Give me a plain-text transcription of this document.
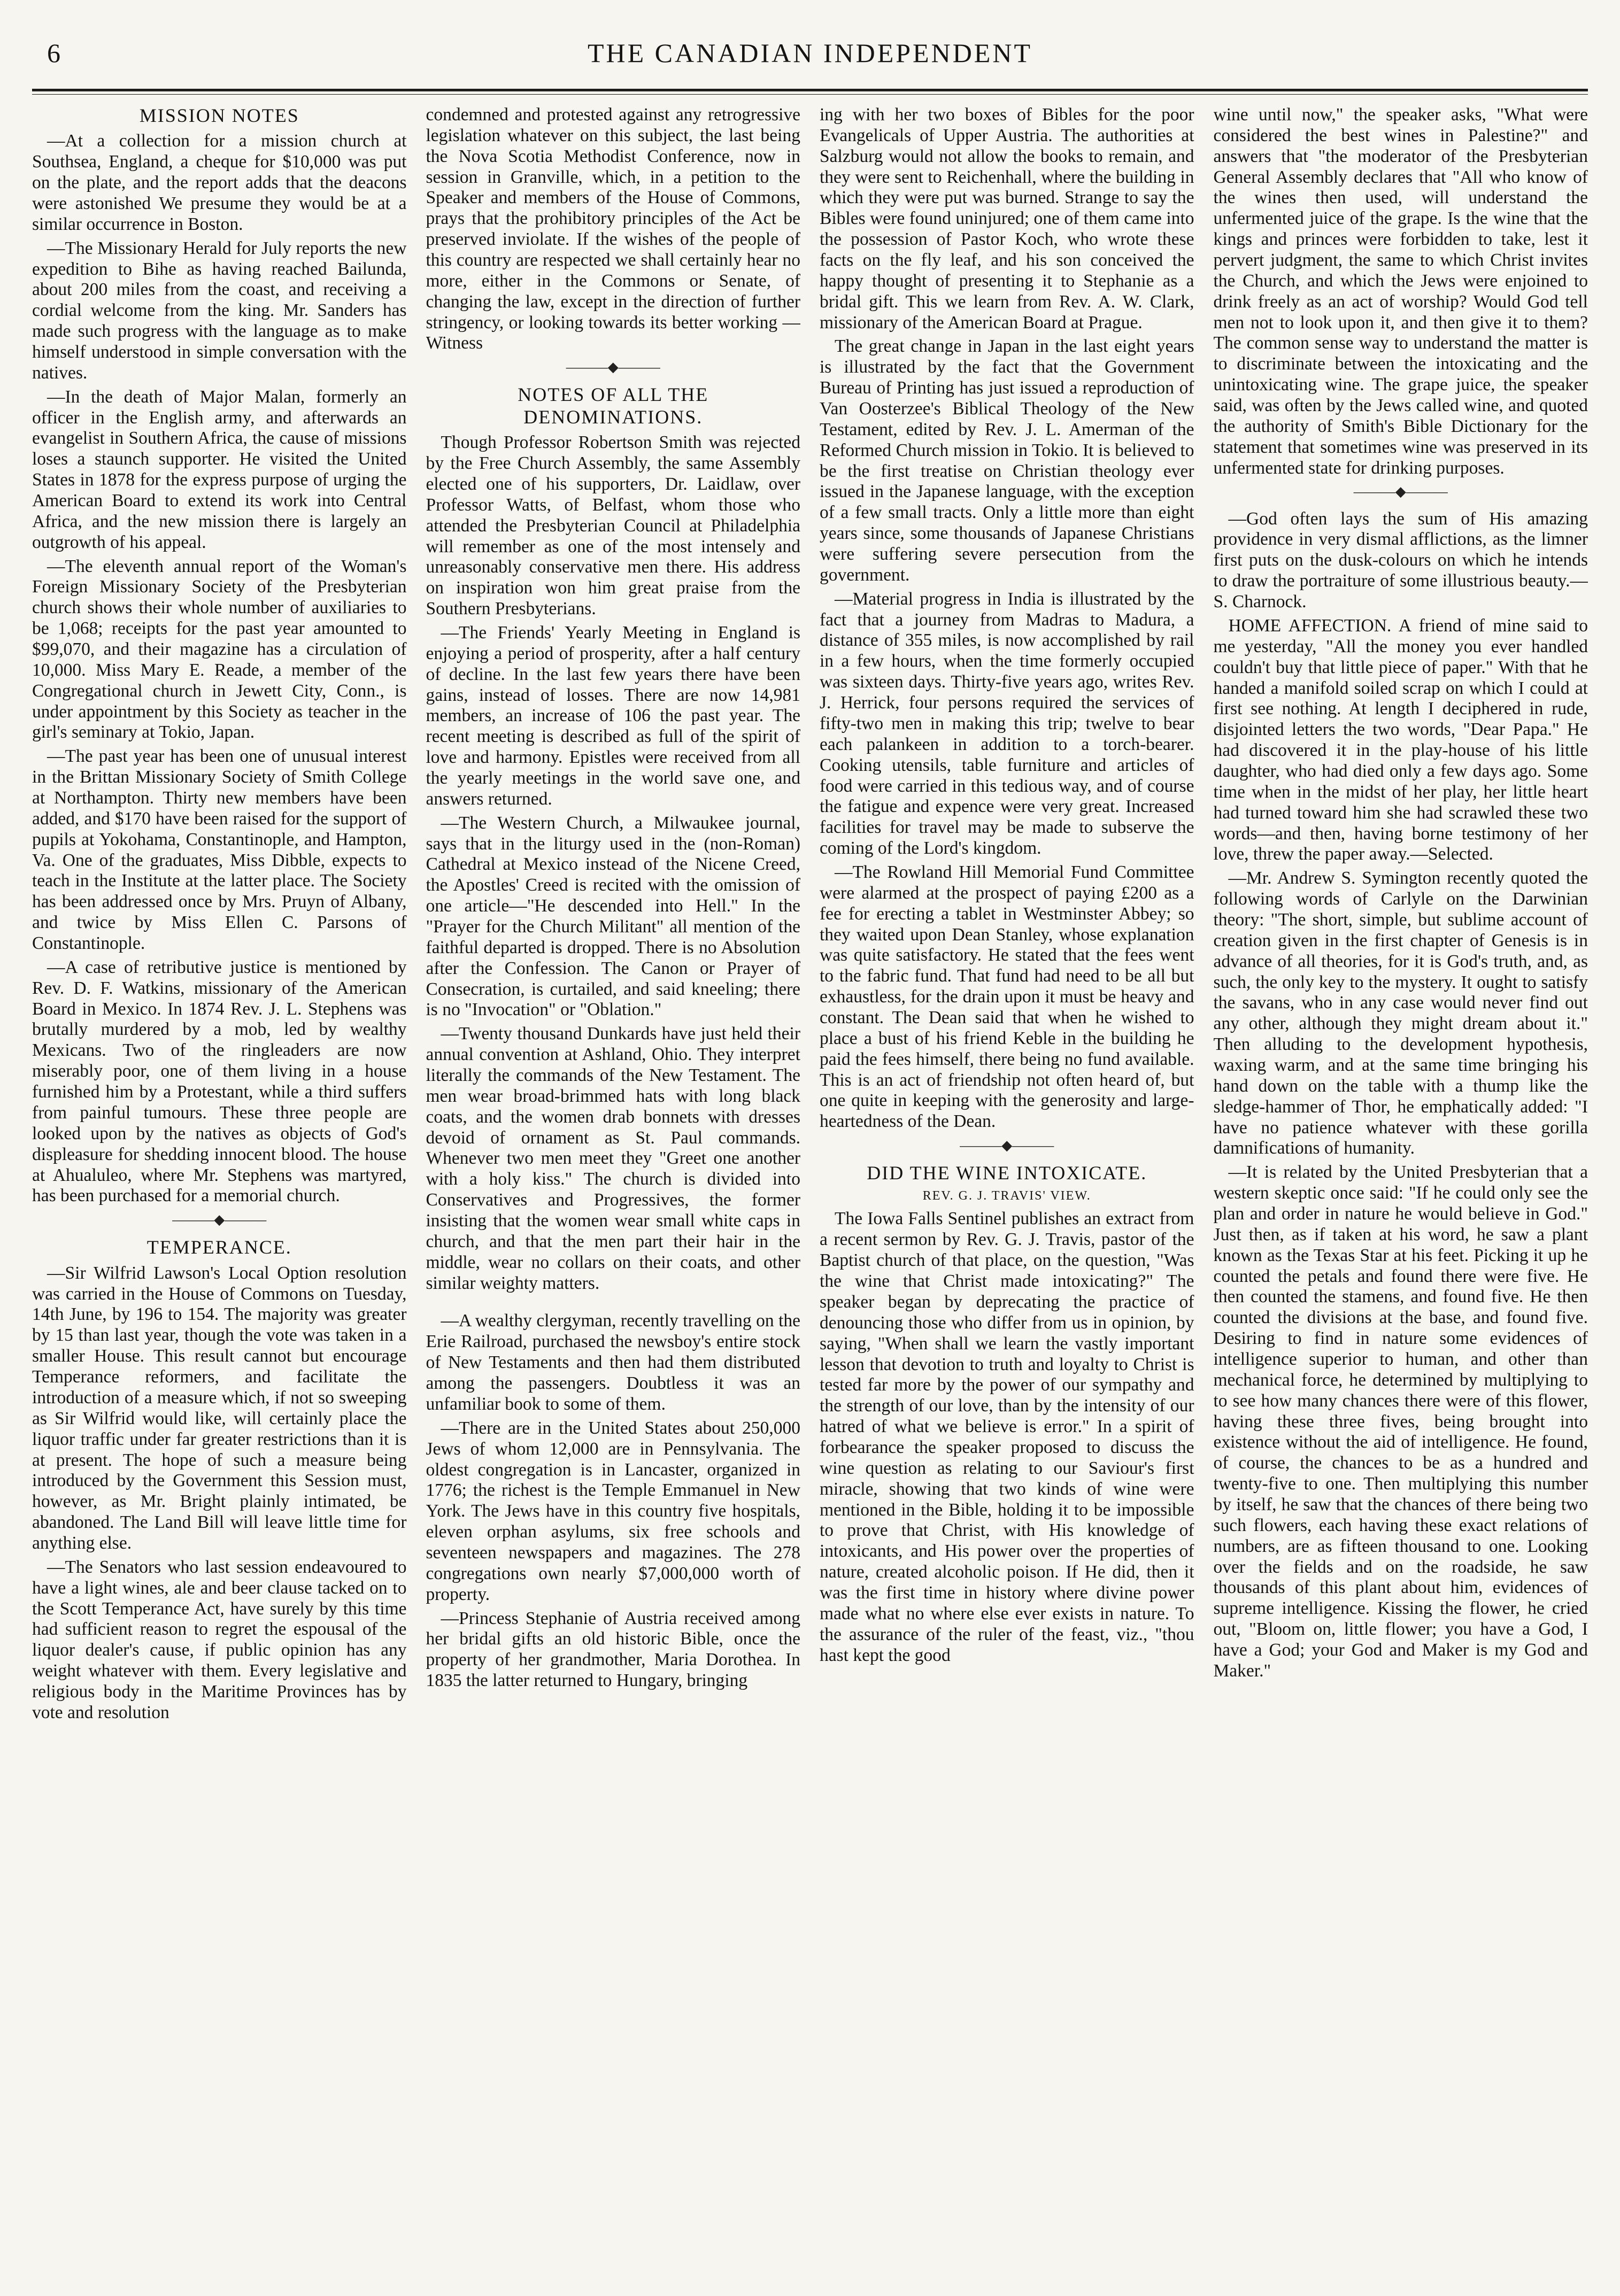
6	THE CANADIAN INDEPENDENT
MISSION NOTES

—At a collection for a mission church at Southsea, England, a cheque for $10,000 was put on the plate, and the report adds that the deacons were astonished We presume they would be at a similar occurrence in Boston.

—The Missionary Herald for July reports the new expedition to Bihe as having reached Bailunda, about 200 miles from the coast, and receiving a cordial welcome from the king. Mr. Sanders has made such progress with the language as to make himself understood in simple conversation with the natives.

—In the death of Major Malan, formerly an officer in the English army, and afterwards an evangelist in Southern Africa, the cause of missions loses a staunch supporter. He visited the United States in 1878 for the express purpose of urging the American Board to extend its work into Central Africa, and the new mission there is largely an outgrowth of his appeal.

—The eleventh annual report of the Woman's Foreign Missionary Society of the Presbyterian church shows their whole number of auxiliaries to be 1,068; receipts for the past year amounted to $99,070, and their magazine has a circulation of 10,000. Miss Mary E. Reade, a member of the Congregational church in Jewett City, Conn., is under appointment by this Society as teacher in the girl's seminary at Tokio, Japan.

—The past year has been one of unusual interest in the Brittan Missionary Society of Smith College at Northampton. Thirty new members have been added, and $170 have been raised for the support of pupils at Yokohama, Constantinople, and Hampton, Va. One of the graduates, Miss Dibble, expects to teach in the Institute at the latter place. The Society has been addressed once by Mrs. Pruyn of Albany, and twice by Miss Ellen C. Parsons of Constantinople.

—A case of retributive justice is mentioned by Rev. D. F. Watkins, missionary of the American Board in Mexico. In 1874 Rev. J. L. Stephens was brutally murdered by a mob, led by wealthy Mexicans. Two of the ringleaders are now miserably poor, one of them living in a house furnished him by a Protestant, while a third suffers from painful tumours. These three people are looked upon by the natives as objects of God's displeasure for shedding innocent blood. The house at Ahualuleo, where Mr. Stephens was martyred, has been purchased for a memorial church.

———◆———
TEMPERANCE.

—Sir Wilfrid Lawson's Local Option resolution was carried in the House of Commons on Tuesday, 14th June, by 196 to 154. The majority was greater by 15 than last year, though the vote was taken in a smaller House. This result cannot but encourage Temperance reformers, and facilitate the introduction of a measure which, if not so sweeping as Sir Wilfrid would like, will certainly place the liquor traffic under far greater restrictions than it is at present. The hope of such a measure being introduced by the Government this Session must, however, as Mr. Bright plainly intimated, be abandoned. The Land Bill will leave little time for anything else.

—The Senators who last session endeavoured to have a light wines, ale and beer clause tacked on to the Scott Temperance Act, have surely by this time had sufficient reason to regret the espousal of the liquor dealer's cause, if public opinion has any weight whatever with them. Every legislative and religious body in the Maritime Provinces has by vote and resolution

condemned and protested against any retrogressive legislation whatever on this subject, the last being the Nova Scotia Methodist Conference, now in session in Granville, which, in a petition to the Speaker and members of the House of Commons, prays that the prohibitory principles of the Act be preserved inviolate. If the wishes of the people of this country are respected we shall certainly hear no more, either in the Commons or Senate, of changing the law, except in the direction of further stringency, or looking towards its better working —Witness

———◆———
NOTES OF ALL THE DENOMINATIONS.

Though Professor Robertson Smith was rejected by the Free Church Assembly, the same Assembly elected one of his supporters, Dr. Laidlaw, over Professor Watts, of Belfast, whom those who attended the Presbyterian Council at Philadelphia will remember as one of the most intensely and unreasonably conservative men there. His address on inspiration won him great praise from the Southern Presbyterians.

—The Friends' Yearly Meeting in England is enjoying a period of prosperity, after a half century of decline. In the last few years there have been gains, instead of losses. There are now 14,981 members, an increase of 106 the past year. The recent meeting is described as full of the spirit of love and harmony. Epistles were received from all the yearly meetings in the world save one, and answers returned.

—The Western Church, a Milwaukee journal, says that in the liturgy used in the (non-Roman) Cathedral at Mexico instead of the Nicene Creed, the Apostles' Creed is recited with the omission of one article—"He descended into Hell." In the "Prayer for the Church Militant" all mention of the faithful departed is dropped. There is no Absolution after the Confession. The Canon or Prayer of Consecration, is curtailed, and said kneeling; there is no "Invocation" or "Oblation."

—Twenty thousand Dunkards have just held their annual convention at Ashland, Ohio. They interpret literally the commands of the New Testament. The men wear broad-brimmed hats with long black coats, and the women drab bonnets with dresses devoid of ornament as St. Paul commands. Whenever two men meet they "Greet one another with a holy kiss." The church is divided into Conservatives and Progressives, the former insisting that the women wear small white caps in church, and that the men part their hair in the middle, wear no collars on their coats, and other similar weighty matters.

—A wealthy clergyman, recently travelling on the Erie Railroad, purchased the newsboy's entire stock of New Testaments and then had them distributed among the passengers. Doubtless it was an unfamiliar book to some of them.

—There are in the United States about 250,000 Jews of whom 12,000 are in Pennsylvania. The oldest congregation is in Lancaster, organized in 1776; the richest is the Temple Emmanuel in New York. The Jews have in this country five hospitals, eleven orphan asylums, six free schools and seventeen newspapers and magazines. The 278 congregations own nearly $7,000,000 worth of property.

—Princess Stephanie of Austria received among her bridal gifts an old historic Bible, once the property of her grandmother, Maria Dorothea. In 1835 the latter returned to Hungary, bringing

ing with her two boxes of Bibles for the poor Evangelicals of Upper Austria. The authorities at Salzburg would not allow the books to remain, and they were sent to Reichenhall, where the building in which they were put was burned. Strange to say the Bibles were found uninjured; one of them came into the possession of Pastor Koch, who wrote these facts on the fly leaf, and his son conceived the happy thought of presenting it to Stephanie as a bridal gift. This we learn from Rev. A. W. Clark, missionary of the American Board at Prague.

The great change in Japan in the last eight years is illustrated by the fact that the Government Bureau of Printing has just issued a reproduction of Van Oosterzee's Biblical Theology of the New Testament, edited by Rev. J. L. Amerman of the Reformed Church mission in Tokio. It is believed to be the first treatise on Christian theology ever issued in the Japanese language, with the exception of a few small tracts. Only a little more than eight years since, some thousands of Japanese Christians were suffering severe persecution from the government.

—Material progress in India is illustrated by the fact that a journey from Madras to Madura, a distance of 355 miles, is now accomplished by rail in a few hours, when the time formerly occupied was sixteen days. Thirty-five years ago, writes Rev. J. Herrick, four persons required the services of fifty-two men in making this trip; twelve to bear each palankeen in addition to a torch-bearer. Cooking utensils, table furniture and articles of food were carried in this tedious way, and of course the fatigue and expence were very great. Increased facilities for travel may be made to subserve the coming of the Lord's kingdom.

—The Rowland Hill Memorial Fund Committee were alarmed at the prospect of paying £200 as a fee for erecting a tablet in Westminster Abbey; so they waited upon Dean Stanley, whose explanation was quite satisfactory. He stated that the fees went to the fabric fund. That fund had need to be all but exhaustless, for the drain upon it must be heavy and constant. The Dean said that when he wished to place a bust of his friend Keble in the building he paid the fees himself, there being no fund available. This is an act of friendship not often heard of, but one quite in keeping with the generosity and large-heartedness of the Dean.

———◆———
DID THE WINE INTOXICATE.
REV. G. J. TRAVIS' VIEW.

The Iowa Falls Sentinel publishes an extract from a recent sermon by Rev. G. J. Travis, pastor of the Baptist church of that place, on the question, "Was the wine that Christ made intoxicating?" The speaker began by deprecating the practice of denouncing those who differ from us in opinion, by saying, "When shall we learn the vastly important lesson that devotion to truth and loyalty to Christ is tested far more by the power of our sympathy and the strength of our love, than by the intensity of our hatred of what we believe is error." In a spirit of forbearance the speaker proposed to discuss the wine question as relating to our Saviour's first miracle, showing that two kinds of wine were mentioned in the Bible, holding it to be impossible to prove that Christ, with His knowledge of intoxicants, and His power over the properties of nature, created alcoholic poison. If He did, then it was the first time in history where divine power made what no where else ever exists in nature. To the assurance of the ruler of the feast, viz., "thou hast kept the good

wine until now," the speaker asks, "What were considered the best wines in Palestine?" and answers that "the moderator of the Presbyterian General Assembly declares that "All who know of the wines then used, will understand the unfermented juice of the grape. Is the wine that the kings and princes were forbidden to take, lest it pervert judgment, the same to which Christ invites the Church, and which the Jews were enjoined to drink freely as an act of worship? Would God tell men not to look upon it, and then give it to them? The common sense way to understand the matter is to discriminate between the intoxicating and the unintoxicating wine. The grape juice, the speaker said, was often by the Jews called wine, and quoted the authority of Smith's Bible Dictionary for the statement that sometimes wine was preserved in its unfermented state for drinking purposes.

———◆———

—God often lays the sum of His amazing providence in very dismal afflictions, as the limner first puts on the dusk-colours on which he intends to draw the portraiture of some illustrious beauty.—S. Charnock.

HOME AFFECTION. A friend of mine said to me yesterday, "All the money you ever handled couldn't buy that little piece of paper." With that he handed a manifold soiled scrap on which I could at first see nothing. At length I deciphered in rude, disjointed letters the two words, "Dear Papa." He had discovered it in the play-house of his little daughter, who had died only a few days ago. Some time when in the midst of her play, her little heart had turned toward him she had scrawled these two words—and then, having borne testimony of her love, threw the paper away.—Selected.

—Mr. Andrew S. Symington recently quoted the following words of Carlyle on the Darwinian theory: "The short, simple, but sublime account of creation given in the first chapter of Genesis is in advance of all theories, for it is God's truth, and, as such, the only key to the mystery. It ought to satisfy the savans, who in any case would never find out any other, although they might dream about it." Then alluding to the development hypothesis, waxing warm, and at the same time bringing his hand down on the table with a thump like the sledge-hammer of Thor, he emphatically added: "I have no patience whatever with these gorilla damnifications of humanity.

—It is related by the United Presbyterian that a western skeptic once said: "If he could only see the plan and order in nature he would believe in God." Just then, as if taken at his word, he saw a plant known as the Texas Star at his feet. Picking it up he counted the petals and found there were five. He then counted the stamens, and found five. He then counted the divisions at the base, and found five. Desiring to find in nature some evidences of intelligence superior to human, and other than mechanical force, he determined by multiplying to to see how many chances there were of this flower, having these three fives, being brought into existence without the aid of intelligence. He found, of course, the chances to be as a hundred and twenty-five to one. Then multiplying this number by itself, he saw that the chances of there being two such flowers, each having these exact relations of numbers, are as fifteen thousand to one. Looking over the fields and on the roadside, he saw thousands of this plant about him, evidences of supreme intelligence. Kissing the flower, he cried out, "Bloom on, little flower; you have a God, I have a God; your God and Maker is my God and Maker."
